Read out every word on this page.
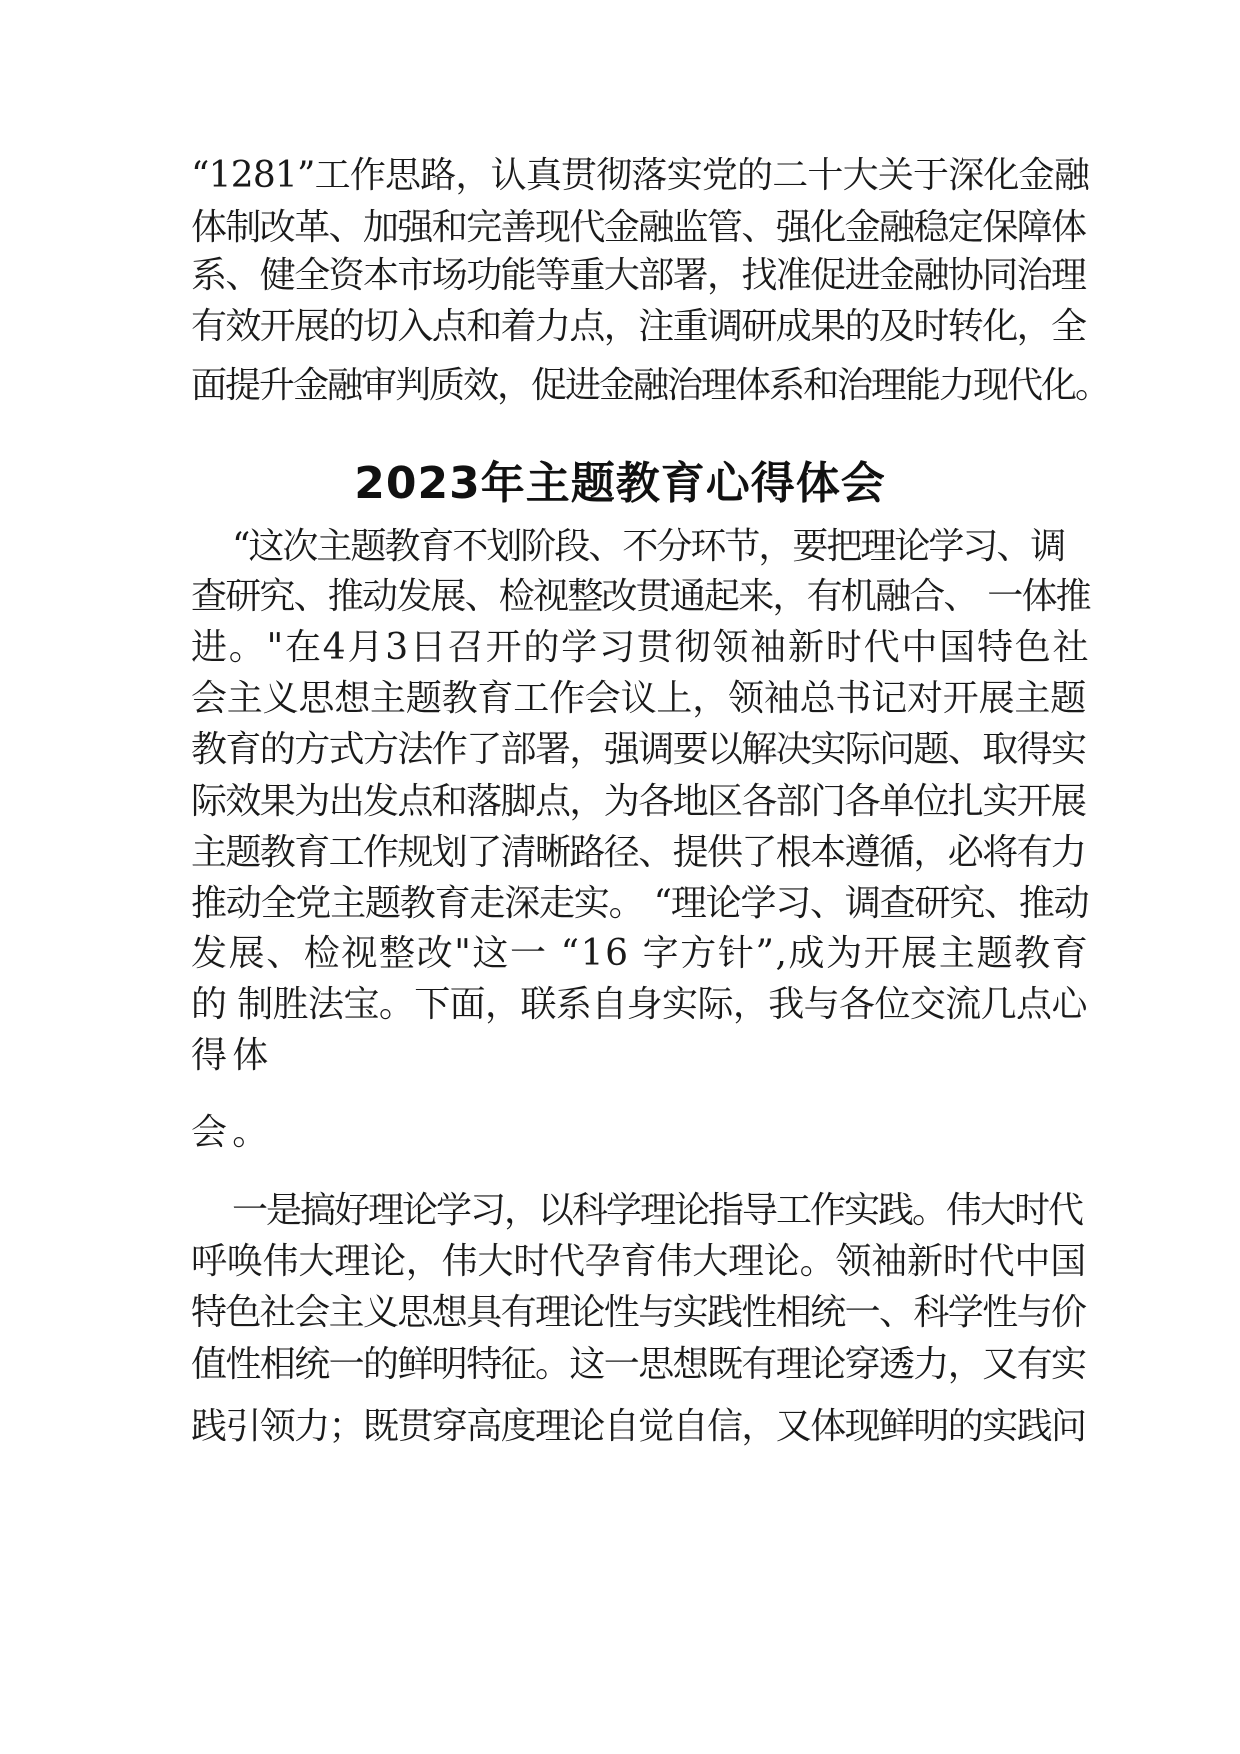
“1281”工作思路，认真贯彻落实党的二十大关于深化金融
体制改革、加强和完善现代金融监管、强化金融稳定保障体
系、健全资本市场功能等重大部署，找准促进金融协同治理
有效开展的切入点和着力点，注重调研成果的及时转化，全
面提升金融审判质效，促进金融治理体系和治理能力现代化。
2023年主题教育心得体会
“这次主题教育不划阶段、不分环节，要把理论学习、调
查研究、推动发展、检视整改贯通起来，有机融合、 一体推
进。"在4月3日召开的学习贯彻领袖新时代中国特色社
会主义思想主题教育工作会议上，领袖总书记对开展主题
教育的方式方法作了部署，强调要以解决实际问题、取得实
际效果为出发点和落脚点，为各地区各部门各单位扎实开展
主题教育工作规划了清晰路径、提供了根本遵循，必将有力
推动全党主题教育走深走实。 “理论学习、调查研究、推动
发展、检视整改"这一 “16 字方针”,成为开展主题教育
的 制胜法宝。下面，联系自身实际，我与各位交流几点心
得体
会。
一是搞好理论学习，以科学理论指导工作实践。伟大时代
呼唤伟大理论，伟大时代孕育伟大理论。领袖新时代中国
特色社会主义思想具有理论性与实践性相统一、科学性与价
值性相统一的鲜明特征。这一思想既有理论穿透力，又有实
践引领力；既贯穿高度理论自觉自信，又体现鲜明的实践问
